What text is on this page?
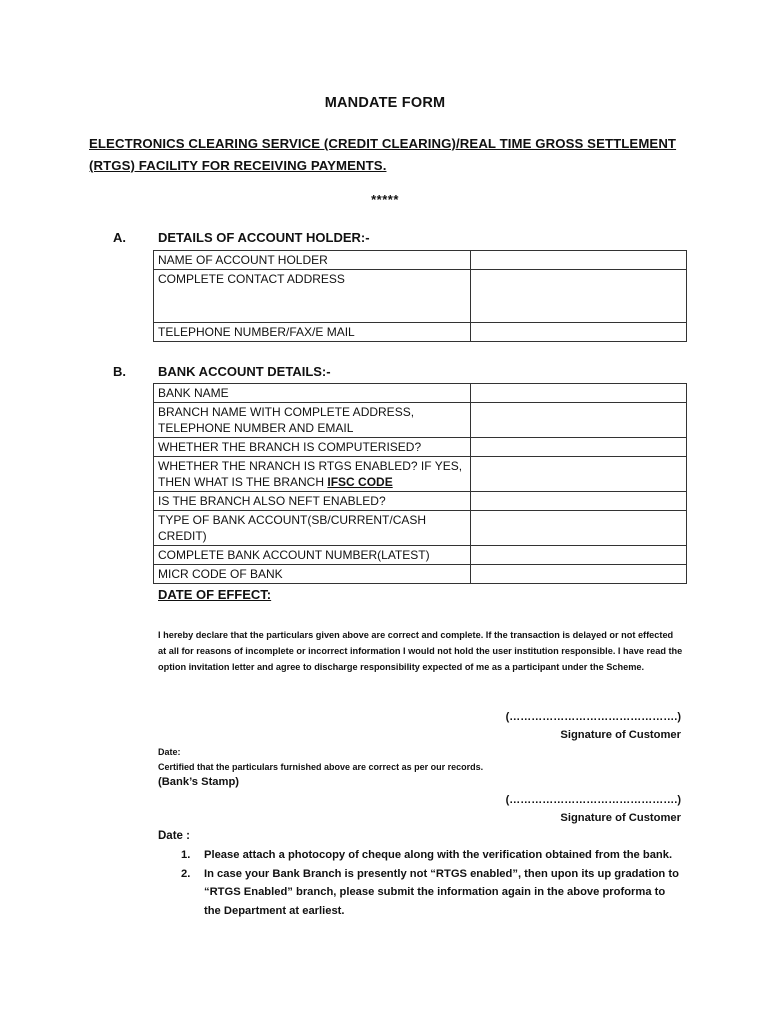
MANDATE FORM
ELECTRONICS CLEARING SERVICE (CREDIT CLEARING)/REAL TIME GROSS SETTLEMENT (RTGS) FACILITY FOR RECEIVING PAYMENTS.
*****
A. DETAILS OF ACCOUNT HOLDER:-
NAME OF ACCOUNT HOLDER	
COMPLETE CONTACT ADDRESS	
TELEPHONE NUMBER/FAX/E MAIL	
B. BANK ACCOUNT DETAILS:-
BANK NAME	
BRANCH NAME WITH COMPLETE ADDRESS, TELEPHONE NUMBER AND EMAIL	
WHETHER THE BRANCH IS COMPUTERISED?	
WHETHER THE NRANCH IS RTGS ENABLED? IF YES, THEN WHAT IS THE BRANCH IFSC CODE	
IS THE BRANCH ALSO NEFT ENABLED?	
TYPE OF BANK ACCOUNT(SB/CURRENT/CASH CREDIT)	
COMPLETE BANK ACCOUNT NUMBER(LATEST)	
MICR CODE OF BANK	
DATE OF EFFECT:
I hereby declare that the particulars given above are correct and complete. If the transaction is delayed or not effected at all for reasons of incomplete or incorrect information I would not hold the user institution responsible. I have read the option invitation letter and agree to discharge responsibility expected of me as a participant under the Scheme.
(……………………………………….)
Signature of Customer
Date:
Certified that the particulars furnished above are correct as per our records.
(Bank’s Stamp)
(……………………………………….)
Signature of Customer
Date :
1. Please attach a photocopy of cheque along with the verification obtained from the bank.
2. In case your Bank Branch is presently not “RTGS enabled”, then upon its up gradation to “RTGS Enabled” branch, please submit the information again in the above proforma to the Department at earliest.
